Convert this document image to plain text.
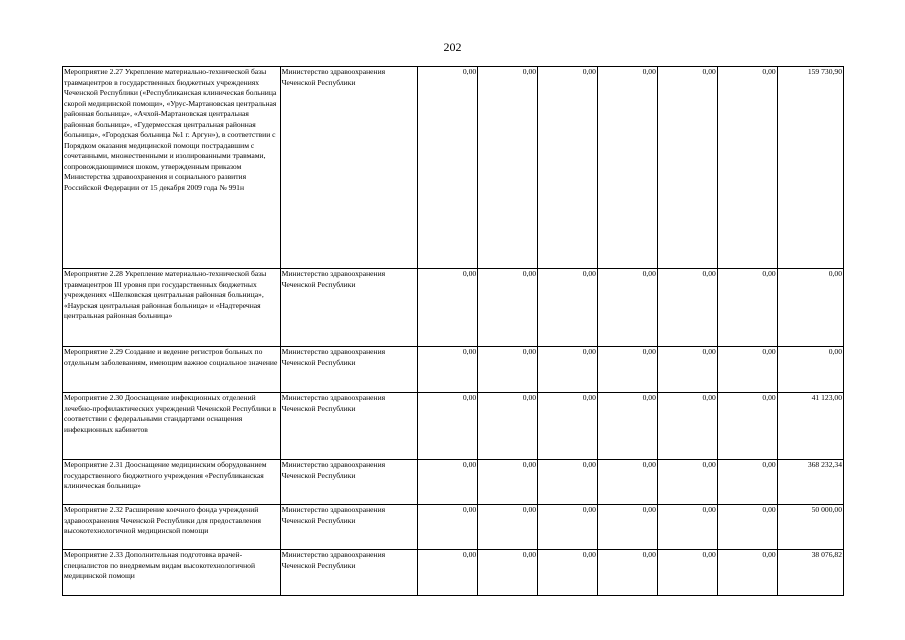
202
Мероприятие 2.27 Укрепление материально-технической базы травмацентров в государственных бюджетных учреждениях Чеченской Республики («Республиканская клиническая больница скорой медицинской помощи», «Урус-Мартановская центральная районная больница», «Ачхой-Мартановская центральная районная больница», «Гудермесская центральная районная больница», «Городская больница №1 г. Аргун»), в соответствии с Порядком оказания медицинской помощи пострадавшим с сочетанными, множественными и изолированными травмами, сопровождающимися шоком, утвержденным приказом Министерства здравоохранения и социального развития Российской Федерации от 15 декабря 2009 года № 991н	Министерство здравоохранения Чеченской Республики	0,00	0,00	0,00	0,00	0,00	0,00	159 730,90
Мероприятие 2.28 Укрепление материально-технической базы травмацентров III уровня при государственных бюджетных учреждениях «Шелковская центральная районная больница», «Наурская центральная районная больница» и «Надтеречная центральная районная больница»	Министерство здравоохранения Чеченской Республики	0,00	0,00	0,00	0,00	0,00	0,00	0,00
Мероприятие 2.29 Создание и ведение регистров больных по отдельным заболеваниям, имеющим важное социальное значение	Министерство здравоохранения Чеченской Республики	0,00	0,00	0,00	0,00	0,00	0,00	0,00
Мероприятие 2.30 Дооснащение инфекционных отделений лечебно-профилактических учреждений Чеченской Республики в соответствии с федеральными стандартами оснащения инфекционных кабинетов	Министерство здравоохранения Чеченской Республики	0,00	0,00	0,00	0,00	0,00	0,00	41 123,00
Мероприятие 2.31 Дооснащение медицинским оборудованием государственного бюджетного учреждения «Республиканская клиническая больница»	Министерство здравоохранения Чеченской Республики	0,00	0,00	0,00	0,00	0,00	0,00	368 232,34
Мероприятие 2.32 Расширение коечного фонда учреждений здравоохранения Чеченской Республики для предоставления высокотехнологичной медицинской помощи	Министерство здравоохранения Чеченской Республики	0,00	0,00	0,00	0,00	0,00	0,00	50 000,00
Мероприятие 2.33 Дополнительная подготовка врачей-специалистов по внедряемым видам высокотехнологичной медицинской помощи	Министерство здравоохранения Чеченской Республики	0,00	0,00	0,00	0,00	0,00	0,00	38 076,82
